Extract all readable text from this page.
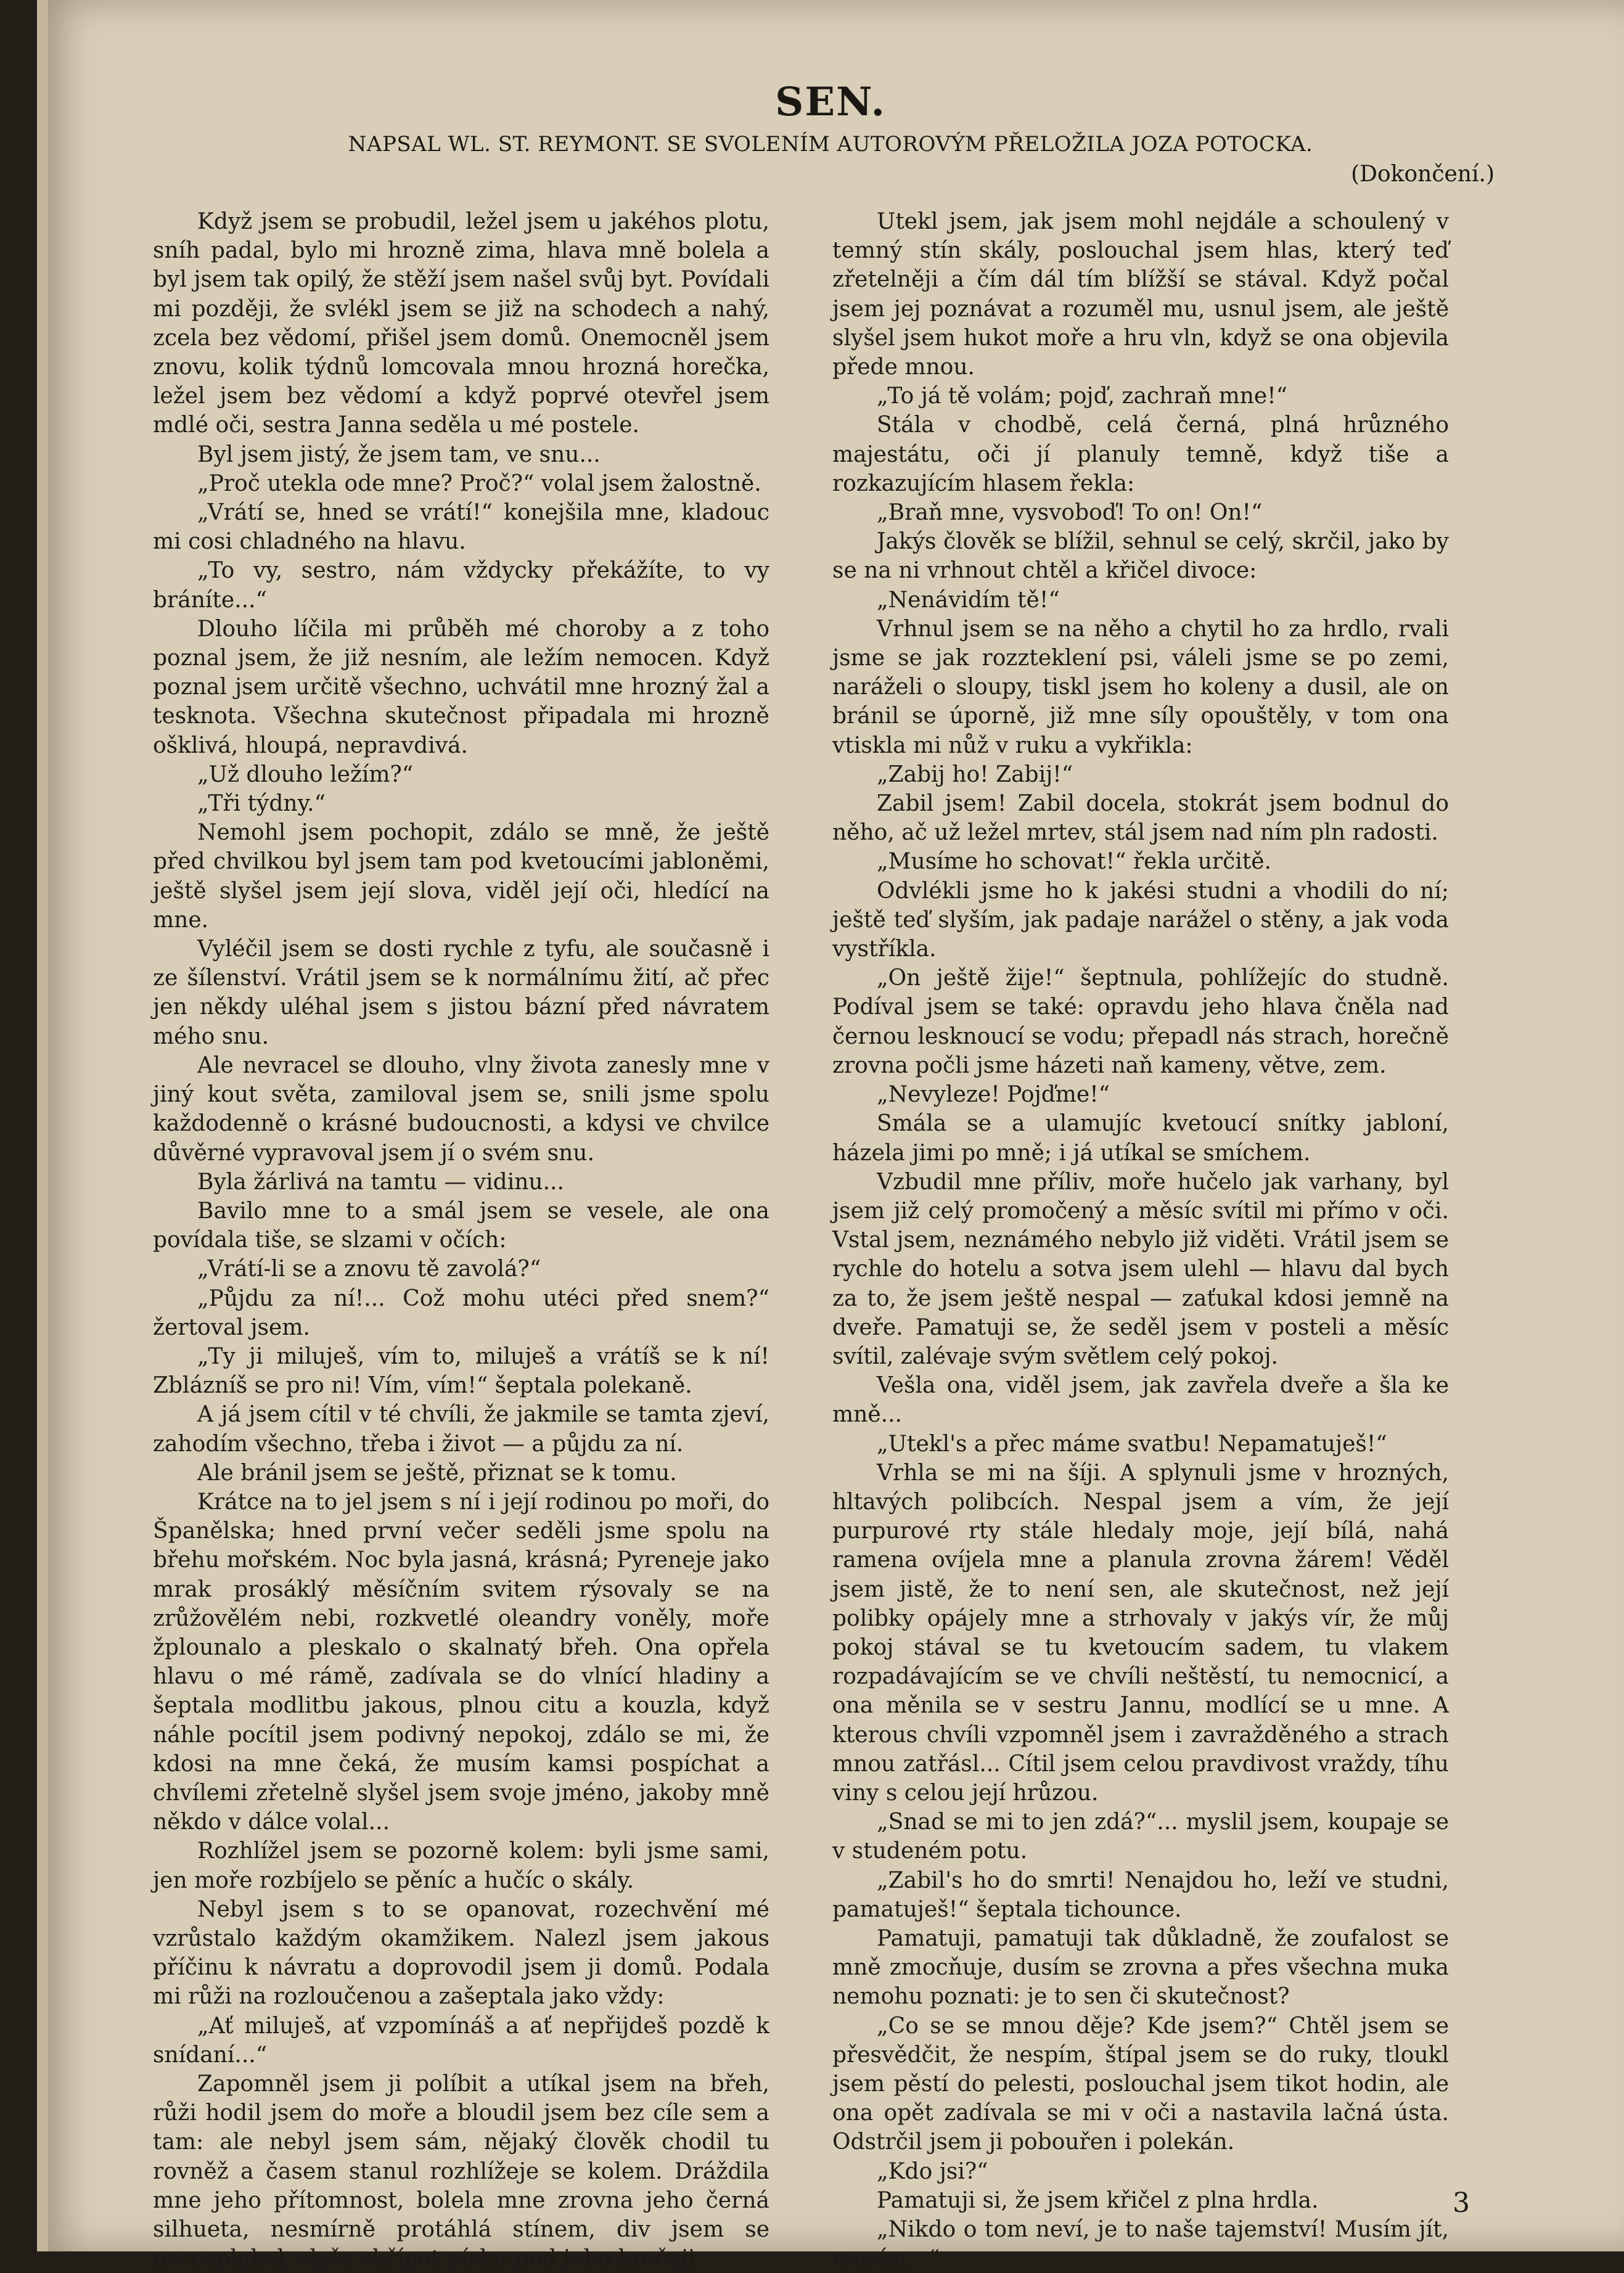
SEN.
NAPSAL WL. ST. REYMONT. SE SVOLENÍM AUTOROVÝM PŘELOŽILA JOZA POTOCKA.
(Dokončení.)

Když jsem se probudil, ležel jsem u jakéhos plotu, sníh padal, bylo mi hrozně zima, hlava mně bolela a byl jsem tak opilý, že stěží jsem našel svůj byt. Povídali mi později, že svlékl jsem se již na schodech a nahý, zcela bez vědomí, přišel jsem domů. Onemocněl jsem znovu, kolik týdnů lomcovala mnou hrozná horečka, ležel jsem bez vědomí a když poprvé otevřel jsem mdlé oči, sestra Janna seděla u mé postele.

Byl jsem jistý, že jsem tam, ve snu...

„Proč utekla ode mne? Proč?“ volal jsem žalostně.

„Vrátí se, hned se vrátí!“ konejšila mne, kladouc mi cosi chladného na hlavu.

„To vy, sestro, nám vždycky překážíte, to vy bráníte...“

Dlouho líčila mi průběh mé choroby a z toho poznal jsem, že již nesním, ale ležím nemocen. Když poznal jsem určitě všechno, uchvátil mne hrozný žal a tesknota. Všechna skutečnost připadala mi hrozně ošklivá, hloupá, nepravdivá.

„Už dlouho ležím?“

„Tři týdny.“

Nemohl jsem pochopit, zdálo se mně, že ještě před chvilkou byl jsem tam pod kvetoucími jabloněmi, ještě slyšel jsem její slova, viděl její oči, hledící na mne.

Vyléčil jsem se dosti rychle z tyfu, ale současně i ze šílenství. Vrátil jsem se k normálnímu žití, ač přec jen někdy uléhal jsem s jistou bázní před návratem mého snu.

Ale nevracel se dlouho, vlny života zanesly mne v jiný kout světa, zamiloval jsem se, snili jsme spolu každodenně o krásné budoucnosti, a kdysi ve chvilce důvěrné vypravoval jsem jí o svém snu.

Byla žárlivá na tamtu — vidinu...

Bavilo mne to a smál jsem se vesele, ale ona povídala tiše, se slzami v očích:

„Vrátí-li se a znovu tě zavolá?“

„Půjdu za ní!... Což mohu utéci před snem?“ žertoval jsem.

„Ty ji miluješ, vím to, miluješ a vrátíš se k ní! Zblázníš se pro ni! Vím, vím!“ šeptala polekaně.

A já jsem cítil v té chvíli, že jakmile se tamta zjeví, zahodím všechno, třeba i život — a půjdu za ní.

Ale bránil jsem se ještě, přiznat se k tomu.

Krátce na to jel jsem s ní i její rodinou po moři, do Španělska; hned první večer seděli jsme spolu na břehu mořském. Noc byla jasná, krásná; Pyreneje jako mrak prosáklý měsíčním svitem rýsovaly se na zrůžovělém nebi, rozkvetlé oleandry voněly, moře žplounalo a pleskalo o skalnatý břeh. Ona opřela hlavu o mé rámě, zadívala se do vlnící hladiny a šeptala modlitbu jakous, plnou citu a kouzla, když náhle pocítil jsem podivný nepokoj, zdálo se mi, že kdosi na mne čeká, že musím kamsi pospíchat a chvílemi zřetelně slyšel jsem svoje jméno, jakoby mně někdo v dálce volal...

Rozhlížel jsem se pozorně kolem: byli jsme sami, jen moře rozbíjelo se pěníc a hučíc o skály.

Nebyl jsem s to se opanovat, rozechvění mé vzrůstalo každým okamžikem. Nalezl jsem jakous příčinu k návratu a doprovodil jsem ji domů. Podala mi růži na rozloučenou a zašeptala jako vždy:

„Ať miluješ, ať vzpomínáš a ať nepřijdeš pozdě k snídaní...“

Zapomněl jsem ji políbit a utíkal jsem na břeh, růži hodil jsem do moře a bloudil jsem bez cíle sem a tam: ale nebyl jsem sám, nějaký člověk chodil tu rovněž a časem stanul rozhlížeje se kolem. Dráždila mne jeho přítomnost, bolela mne zrovna jeho černá silhueta, nesmírně protáhlá stínem, div jsem se nerozplakal, slyše skřípot písku pod jeho kročeji.

Utekl jsem, jak jsem mohl nejdále a schoulený v temný stín skály, poslouchal jsem hlas, který teď zřetelněji a čím dál tím blížší se stával. Když počal jsem jej poznávat a rozuměl mu, usnul jsem, ale ještě slyšel jsem hukot moře a hru vln, když se ona objevila přede mnou.

„To já tě volám; pojď, zachraň mne!“

Stála v chodbě, celá černá, plná hrůzného majestátu, oči jí planuly temně, když tiše a rozkazujícím hlasem řekla:

„Braň mne, vysvoboď! To on! On!“

Jakýs člověk se blížil, sehnul se celý, skrčil, jako by se na ni vrhnout chtěl a křičel divoce:

„Nenávidím tě!“

Vrhnul jsem se na něho a chytil ho za hrdlo, rvali jsme se jak rozzteklení psi, váleli jsme se po zemi, naráželi o sloupy, tiskl jsem ho koleny a dusil, ale on bránil se úporně, již mne síly opouštěly, v tom ona vtiskla mi nůž v ruku a vykřikla:

„Zabij ho! Zabij!“

Zabil jsem! Zabil docela, stokrát jsem bodnul do něho, ač už ležel mrtev, stál jsem nad ním pln radosti.

„Musíme ho schovat!“ řekla určitě.

Odvlékli jsme ho k jakési studni a vhodili do ní; ještě teď slyším, jak padaje narážel o stěny, a jak voda vystříkla.

„On ještě žije!“ šeptnula, pohlížejíc do studně. Podíval jsem se také: opravdu jeho hlava čněla nad černou lesknoucí se vodu; přepadl nás strach, horečně zrovna počli jsme házeti naň kameny, větve, zem.

„Nevyleze! Pojďme!“

Smála se a ulamujíc kvetoucí snítky jabloní, házela jimi po mně; i já utíkal se smíchem.

Vzbudil mne příliv, moře hučelo jak varhany, byl jsem již celý promočený a měsíc svítil mi přímo v oči. Vstal jsem, neznámého nebylo již viděti. Vrátil jsem se rychle do hotelu a sotva jsem ulehl — hlavu dal bych za to, že jsem ještě nespal — zaťukal kdosi jemně na dveře. Pamatuji se, že seděl jsem v posteli a měsíc svítil, zalévaje svým světlem celý pokoj.

Vešla ona, viděl jsem, jak zavřela dveře a šla ke mně...

„Utekl's a přec máme svatbu! Nepamatuješ!“

Vrhla se mi na šíji. A splynuli jsme v hrozných, hltavých polibcích. Nespal jsem a vím, že její purpurové rty stále hledaly moje, její bílá, nahá ramena ovíjela mne a planula zrovna žárem! Věděl jsem jistě, že to není sen, ale skutečnost, než její polibky opájely mne a strhovaly v jakýs vír, že můj pokoj stával se tu kvetoucím sadem, tu vlakem rozpadávajícím se ve chvíli neštěstí, tu nemocnicí, a ona měnila se v sestru Jannu, modlící se u mne. A kterous chvíli vzpomněl jsem i zavražděného a strach mnou zatřásl... Cítil jsem celou pravdivost vraždy, tíhu viny s celou její hrůzou.

„Snad se mi to jen zdá?“... myslil jsem, koupaje se v studeném potu.

„Zabil's ho do smrti! Nenajdou ho, leží ve studni, pamatuješ!“ šeptala tichounce.

Pamatuji, pamatuji tak důkladně, že zoufalost se mně zmocňuje, dusím se zrovna a přes všechna muka nemohu poznati: je to sen či skutečnost?

„Co se se mnou děje? Kde jsem?“ Chtěl jsem se přesvědčit, že nespím, štípal jsem se do ruky, tloukl jsem pěstí do pelesti, poslouchal jsem tikot hodin, ale ona opět zadívala se mi v oči a nastavila lačná ústa. Odstrčil jsem ji pobouřen i polekán.

„Kdo jsi?“

Pamatuji si, že jsem křičel z plna hrdla.

„Nikdo o tom neví, je to naše tajemství! Musím jít, musím...“

3
